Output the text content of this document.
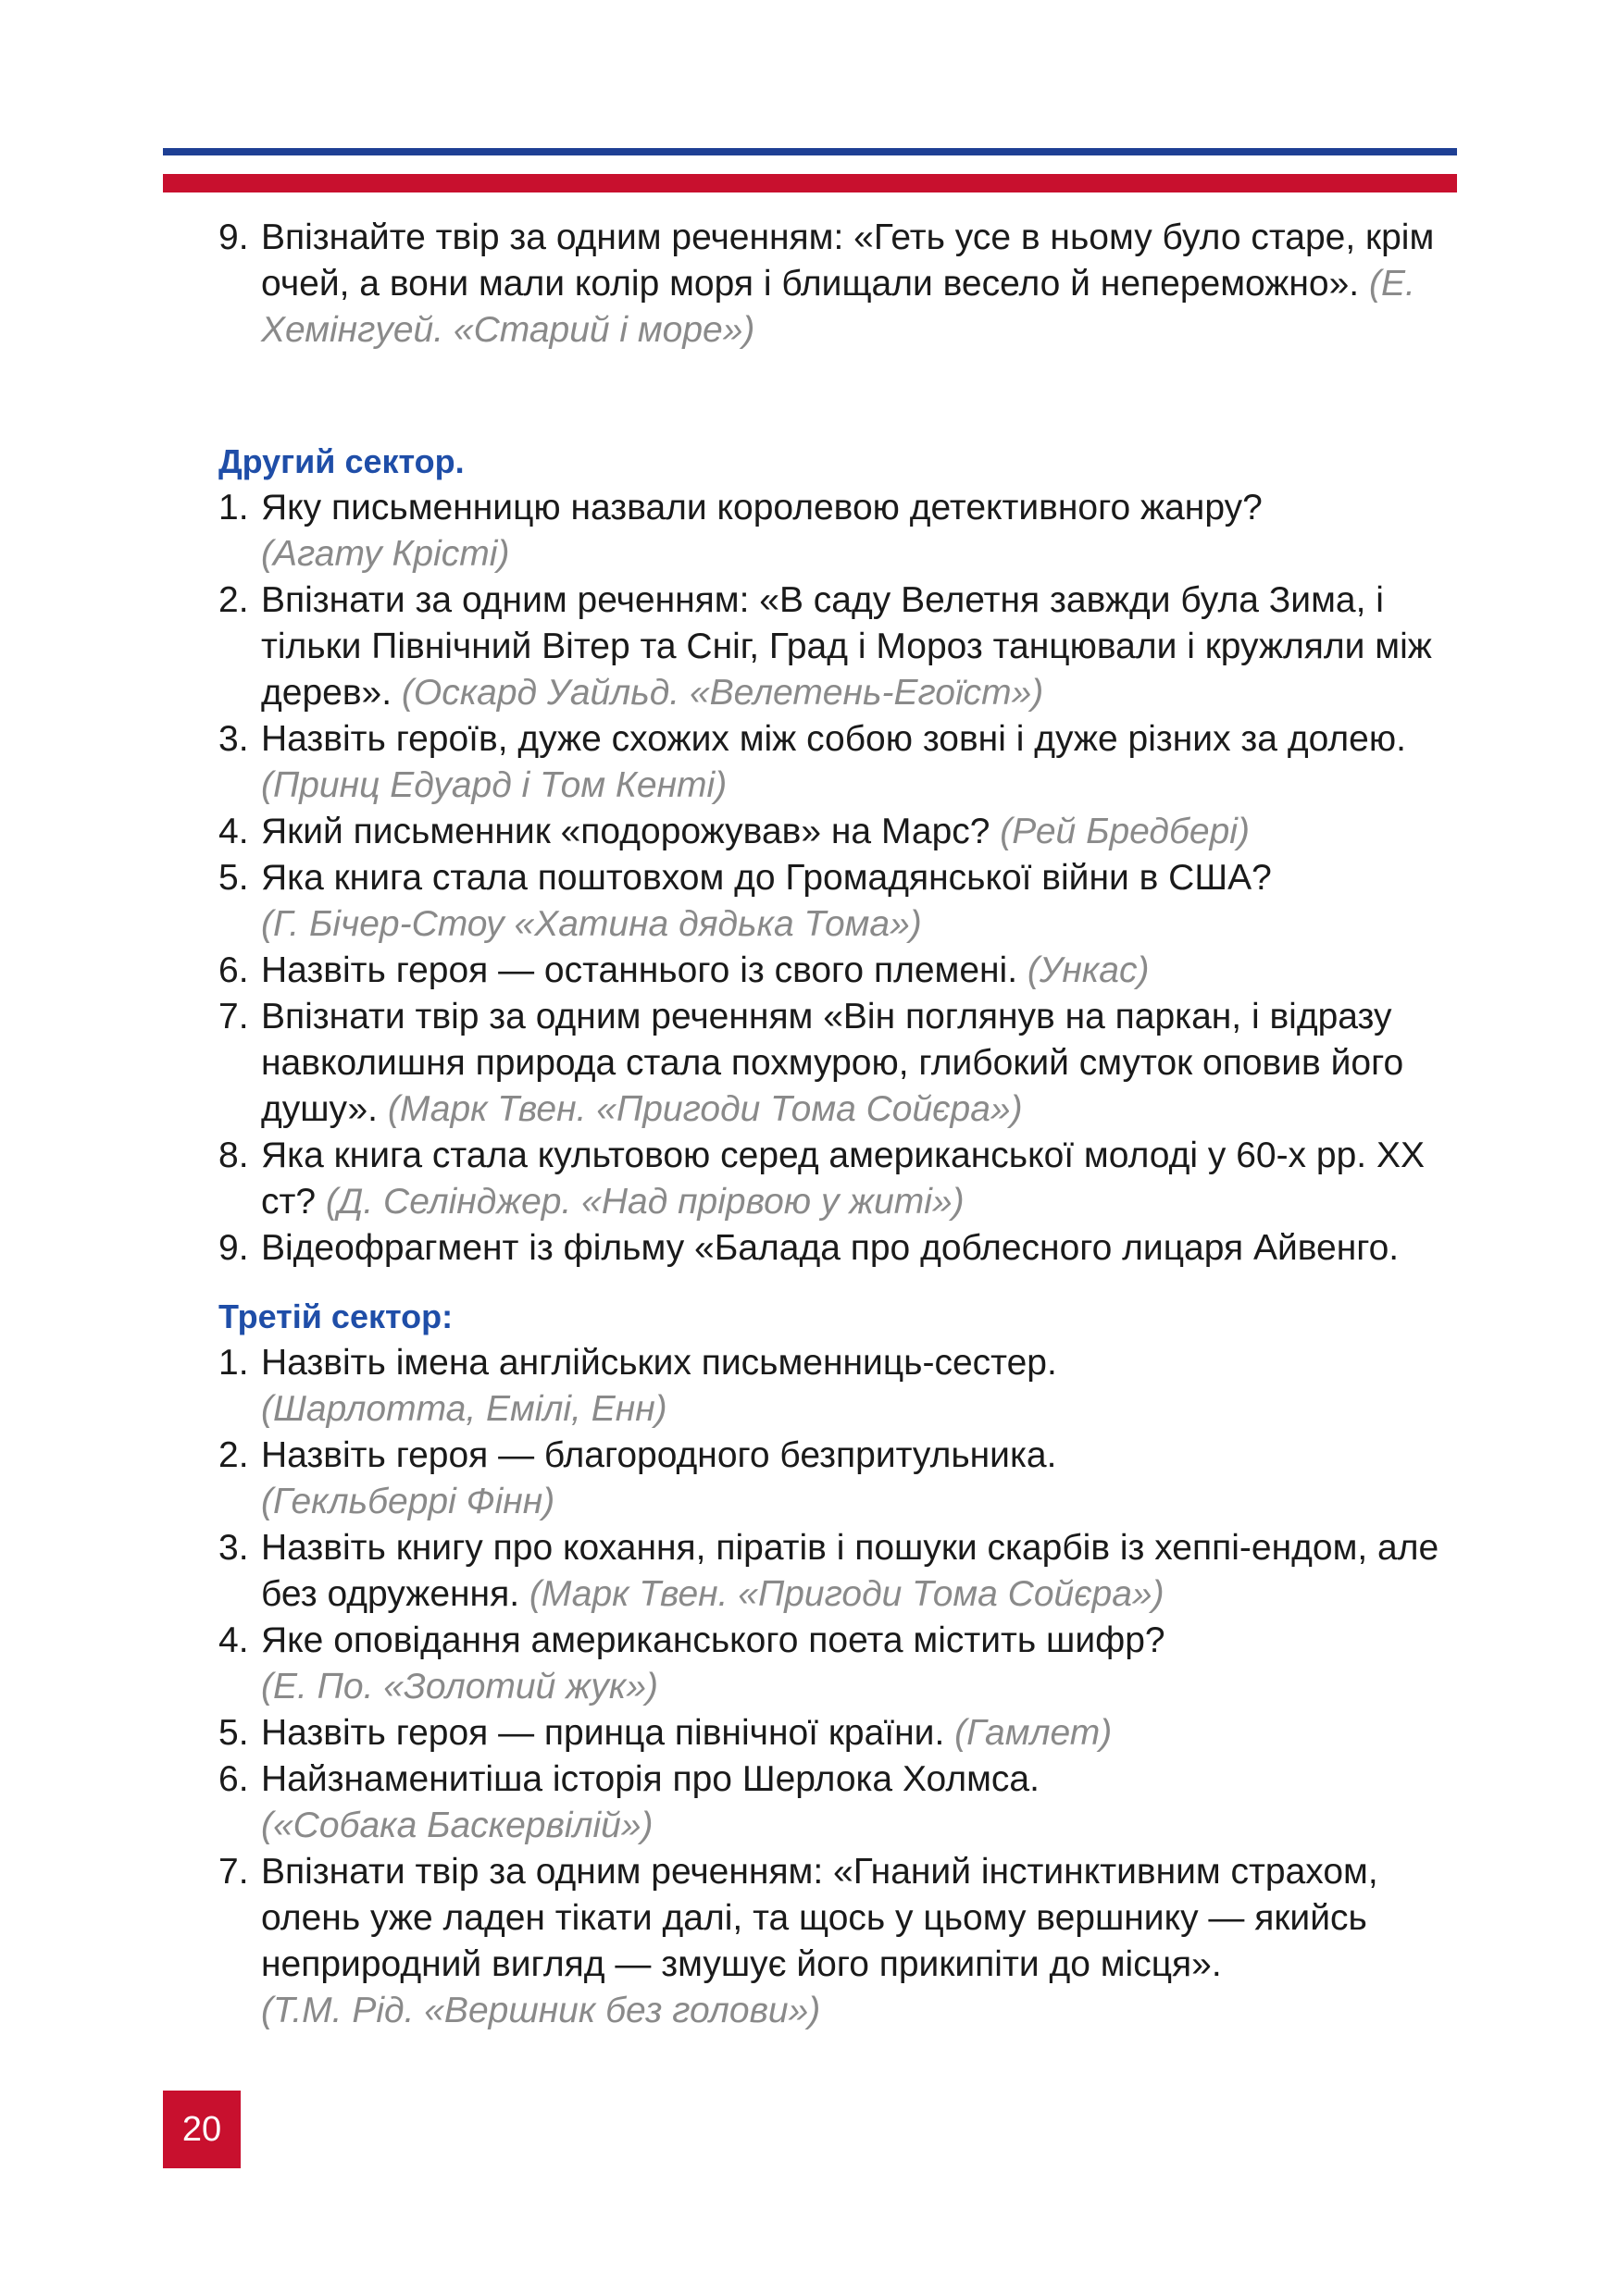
9. Впізнайте твір за одним реченням: «Геть усе в ньому було старе, крім очей, а вони мали колір моря і блищали весело й непереможно». (Е. Хемінгуей. «Старий і море»)
Другий сектор.
1. Яку письменницю назвали королевою детективного жанру?
(Агату Крісті)
2. Впізнати за одним реченням: «В саду Велетня завжди була Зима, і тільки Північний Вітер та Сніг, Град і Мороз танцювали і кружляли між дерев». (Оскард Уайльд. «Велетень-Егоїст»)
3. Назвіть героїв, дуже схожих між собою зовні і дуже різних за долею. (Принц Едуард і Том Кенті)
4. Який письменник «подорожував» на Марс? (Рей Бредбері)
5. Яка книга стала поштовхом до Громадянської війни в США?
(Г. Бічер-Стоу «Хатина дядька Тома»)
6. Назвіть героя — останнього із свого племені. (Ункас)
7. Впізнати твір за одним реченням «Він поглянув на паркан, і відразу навколишня природа стала похмурою, глибокий смуток оповив його душу». (Марк Твен. «Пригоди Тома Сойєра»)
8. Яка книга стала культовою серед американської молоді у 60-х рр. XX ст? (Д. Селінджер. «Над прірвою у житі»)
9. Відеофрагмент із фільму «Балада про доблесного лицаря Айвенго.
Третій сектор:
1. Назвіть імена англійських письменниць-сестер.
(Шарлотта, Емілі, Енн)
2. Назвіть героя — благородного безпритульника.
(Гекльберрі Фінн)
3. Назвіть книгу про кохання, піратів і пошуки скарбів із хеппі-ендом, але без одруження. (Марк Твен. «Пригоди Тома Сойєра»)
4. Яке оповідання американського поета містить шифр?
(Е. По. «Золотий жук»)
5. Назвіть героя — принца північної країни. (Гамлет)
6. Найзнаменитіша історія про Шерлока Холмса.
(«Собака Баскервілій»)
7. Впізнати твір за одним реченням: «Гнаний інстинктивним страхом, олень уже ладен тікати далі, та щось у цьому вершнику — якийсь неприродний вигляд — змушує його прикипіти до місця».
(Т.М. Рід. «Вершник без голови»)
20
